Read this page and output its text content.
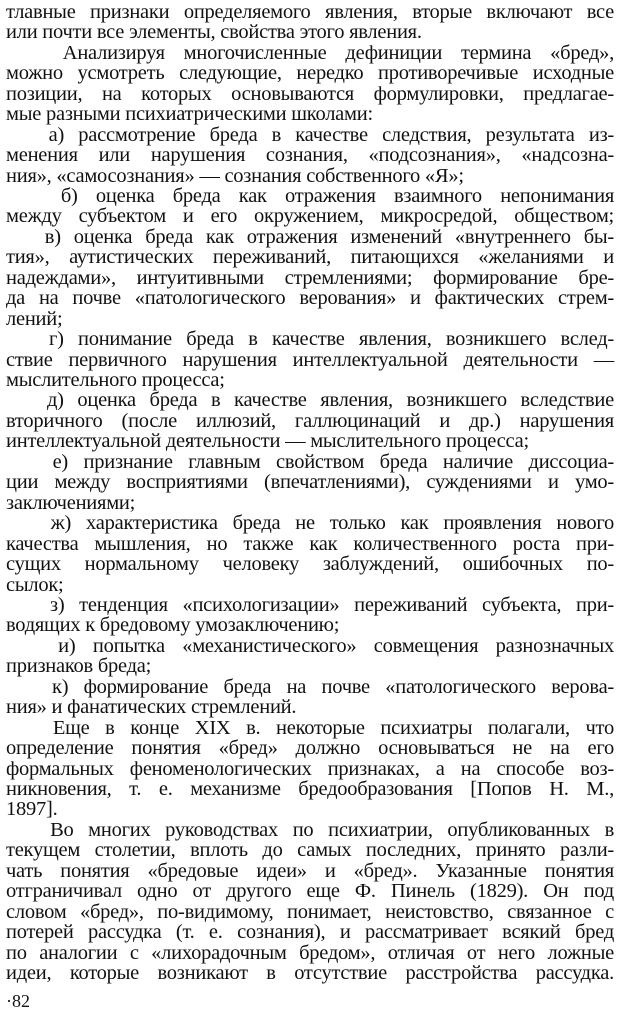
тлавные признаки определяемого явления, вторые включают все
или почти все элементы, свойства этого явления.
Анализируя многочисленные дефиниции термина «бред»,
можно усмотреть следующие, нередко противоречивые исходные
позиции, на которых основываются формулировки, предлагае-
мые разными психиатрическими школами:
а) рассмотрение бреда в качестве следствия, результата из-
менения или нарушения сознания, «подсознания», «надсозна-
ния», «самосознания» — сознания собственного «Я»;
б) оценка бреда как отражения взаимного непонимания
между субъектом и его окружением, микросредой, обществом;
в) оценка бреда как отражения изменений «внутреннего бы-
тия», аутистических переживаний, питающихся «желаниями и
надеждами», интуитивными стремлениями; формирование бре-
да на почве «патологического верования» и фактических стрем-
лений;
г) понимание бреда в качестве явления, возникшего вслед-
ствие первичного нарушения интеллектуальной деятельности —
мыслительного процесса;
д) оценка бреда в качестве явления, возникшего вследствие
вторичного (после иллюзий, галлюцинаций и др.) нарушения
интеллектуальной деятельности — мыслительного процесса;
е) признание главным свойством бреда наличие диссоциа-
ции между восприятиями (впечатлениями), суждениями и умо-
заключениями;
ж) характеристика бреда не только как проявления нового
качества мышления, но также как количественного роста при-
сущих нормальному человеку заблуждений, ошибочных по-
сылок;
з) тенденция «психологизации» переживаний субъекта, при-
водящих к бредовому умозаключению;
и) попытка «механистического» совмещения разнозначных
признаков бреда;
к) формирование бреда на почве «патологического верова-
ния» и фанатических стремлений.
Еще в конце XIX в. некоторые психиатры полагали, что
определение понятия «бред» должно основываться не на его
формальных феноменологических признаках, а на способе воз-
никновения, т. е. механизме бредообразования [Попов Н. М.,
1897].
Во многих руководствах по психиатрии, опубликованных в
текущем столетии, вплоть до самых последних, принято разли-
чать понятия «бредовые идеи» и «бред». Указанные понятия
отграничивал одно от другого еще Ф. Пинель (1829). Он под
словом «бред», по-видимому, понимает, неистовство, связанное с
потерей рассудка (т. е. сознания), и рассматривает всякий бред
по аналогии с «лихорадочным бредом», отличая от него ложные
идеи, которые возникают в отсутствие расстройства рассудка.
·82
